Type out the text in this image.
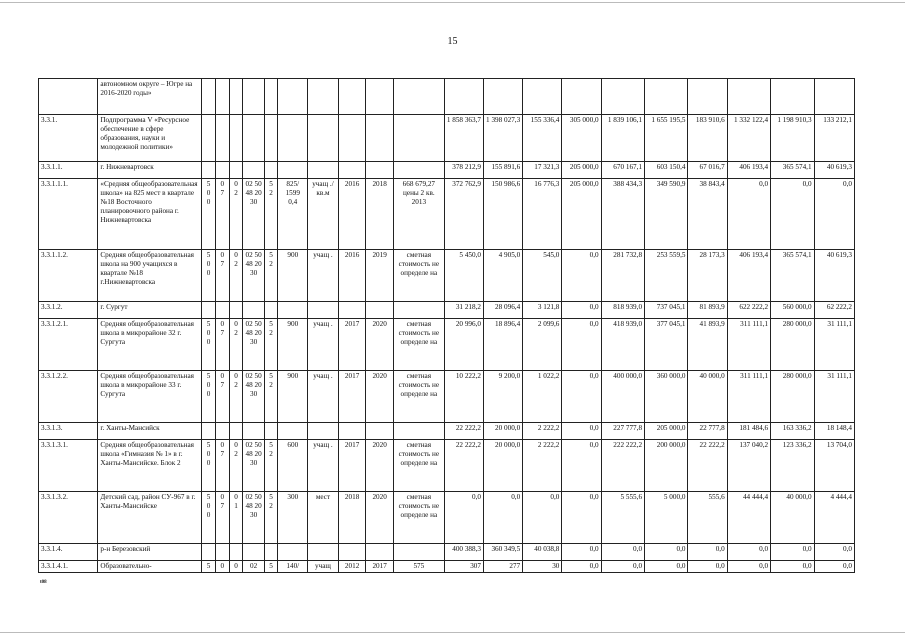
15
	автономном округе – Югре на 2016-2020 годы»																				
3.3.1.	Подпрограмма V «Ресурсное обеспечение в сфере образования, науки и молодежной политики»											1 858 363,7	1 398 027,3	155 336,4	305 000,0	1 839 106,1	1 655 195,5	183 910,6	1 332 122,4	1 198 910,3	133 212,1
3.3.1.1.	г. Нижневартовск											378 212,9	155 891,6	17 321,3	205 000,0	670 167,1	603 150,4	67 016,7	406 193,4	365 574,1	40 619,3
3.3.1.1.1.	«Средняя общеобразовательная школа» на 825 мест в квартале №18 Восточного планировочного района г. Нижневартовска	5 0 0	0 7	0 2	02 50 48 20 30	5 2	825/ 1599 0,4	учащ ./ кв.м	2016	2018	668 679,27 цены 2 кв. 2013	372 762,9	150 986,6	16 776,3	205 000,0	388 434,3	349 590,9	38 843,4	0,0	0,0	0,0
3.3.1.1.2.	Средняя общеобразовательная школа на 900 учащихся в квартале №18 г.Нижневартовска	5 0 0	0 7	0 2	02 50 48 20 30	5 2	900	учащ .	2016	2019	сметная стоимость не определе на	5 450,0	4 905,0	545,0	0,0	281 732,8	253 559,5	28 173,3	406 193,4	365 574,1	40 619,3
3.3.1.2.	г. Сургут											31 218,2	28 096,4	3 121,8	0,0	818 939,0	737 045,1	81 893,9	622 222,2	560 000,0	62 222,2
3.3.1.2.1.	Средняя общеобразовательная школа в микрорайоне 32 г. Сургута	5 0 0	0 7	0 2	02 50 48 20 30	5 2	900	учащ .	2017	2020	сметная стоимость не определе на	20 996,0	18 896,4	2 099,6	0,0	418 939,0	377 045,1	41 893,9	311 111,1	280 000,0	31 111,1
3.3.1.2.2.	Средняя общеобразовательная школа в микрорайоне 33 г. Сургута	5 0 0	0 7	0 2	02 50 48 20 30	5 2	900	учащ .	2017	2020	сметная стоимость не определе на	10 222,2	9 200,0	1 022,2	0,0	400 000,0	360 000,0	40 000,0	311 111,1	280 000,0	31 111,1
3.3.1.3.	г. Ханты-Мансийск											22 222,2	20 000,0	2 222,2	0,0	227 777,8	205 000,0	22 777,8	181 484,6	163 336,2	18 148,4
3.3.1.3.1.	Средняя общеобразовательная школа «Гимназия № 1» в г. Ханты-Мансийске. Блок 2	5 0 0	0 7	0 2	02 50 48 20 30	5 2	600	учащ .	2017	2020	сметная стоимость не определе на	22 222,2	20 000,0	2 222,2	0,0	222 222,2	200 000,0	22 222,2	137 040,2	123 336,2	13 704,0
3.3.1.3.2.	Детский сад, район СУ-967 в г. Ханты-Мансийске	5 0 0	0 7	0 1	02 50 48 20 30	5 2	300	мест	2018	2020	сметная стоимость не определе на	0,0	0,0	0,0	0,0	5 555,6	5 000,0	555,6	44 444,4	40 000,0	4 444,4
3.3.1.4.	р-н Березовский											400 388,3	360 349,5	40 038,8	0,0	0,0	0,0	0,0	0,0	0,0	0,0
3.3.1.4.1.	Образовательно-	5	0	0	02	5	140/	учащ	2012	2017	575	307	277	30	0,0	0,0	0,0	0,0	0,0	0,0	0,0
t08
